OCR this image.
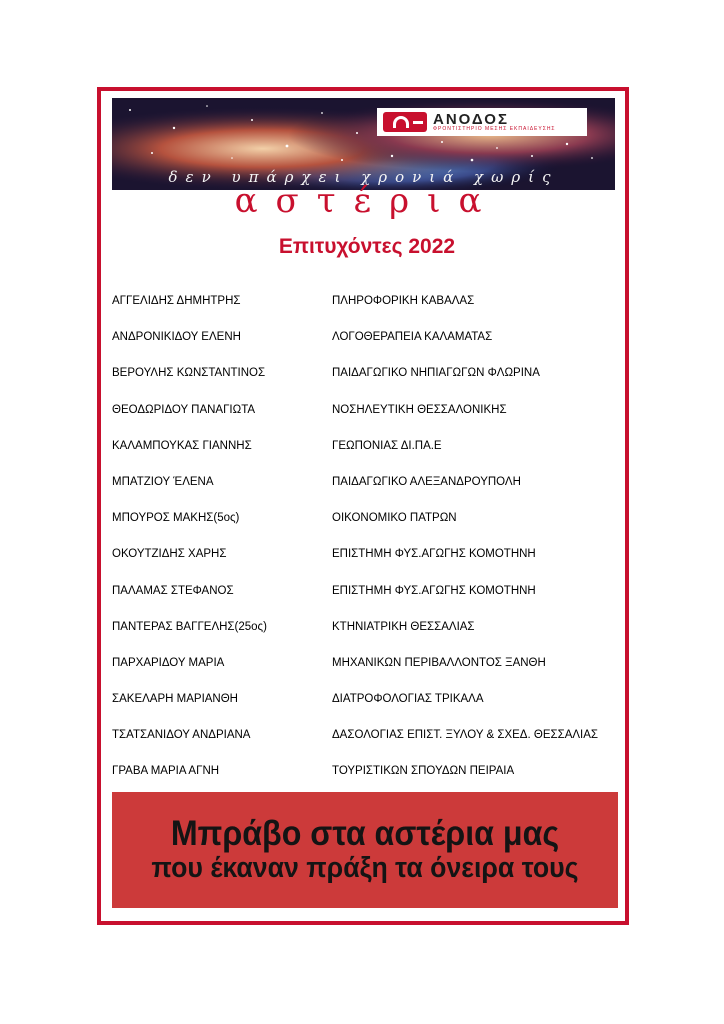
ΑΝΟΔΟΣ
ΦΡΟΝΤΙΣΤΗΡΙΟ ΜΕΣΗΣ ΕΚΠΑΙΔΕΥΣΗΣ
δεν υπάρχει χρονιά χωρίς
αστέρια
Επιτυχόντες 2022
ΑΓΓΕΛΙΔΗΣ ΔΗΜΗΤΡΗΣ	ΠΛΗΡΟΦΟΡΙΚΗ ΚΑΒΑΛΑΣ
ΑΝΔΡΟΝΙΚΙΔΟΥ ΕΛΕΝΗ	ΛΟΓΟΘΕΡΑΠΕΙΑ ΚΑΛΑΜΑΤΑΣ
ΒΕΡΟΥΛΗΣ ΚΩΝΣΤΑΝΤΙΝΟΣ	ΠΑΙΔΑΓΩΓΙΚΟ ΝΗΠΙΑΓΩΓΩΝ ΦΛΩΡΙΝΑ
ΘΕΟΔΩΡΙΔΟΥ ΠΑΝΑΓΙΩΤΑ	ΝΟΣΗΛΕΥΤΙΚΗ ΘΕΣΣΑΛΟΝΙΚΗΣ
ΚΑΛΑΜΠΟΥΚΑΣ ΓΙΑΝΝΗΣ	ΓΕΩΠΟΝΙΑΣ ΔΙ.ΠΑ.Ε
ΜΠΑΤΖΙΟΥ ΈΛΕΝΑ	ΠΑΙΔΑΓΩΓΙΚΟ ΑΛΕΞΑΝΔΡΟΥΠΟΛΗ
ΜΠΟΥΡΟΣ ΜΑΚΗΣ(5ος)	ΟΙΚΟΝΟΜΙΚΟ ΠΑΤΡΩΝ
ΟΚΟΥΤΖΙΔΗΣ ΧΑΡΗΣ	ΕΠΙΣΤΗΜΗ ΦΥΣ.ΑΓΩΓΗΣ ΚΟΜΟΤΗΝΗ
ΠΑΛΑΜΑΣ ΣΤΕΦΑΝΟΣ	ΕΠΙΣΤΗΜΗ ΦΥΣ.ΑΓΩΓΗΣ ΚΟΜΟΤΗΝΗ
ΠΑΝΤΕΡΑΣ ΒΑΓΓΕΛΗΣ(25ος)	ΚΤΗΝΙΑΤΡΙΚΗ ΘΕΣΣΑΛΙΑΣ
ΠΑΡΧΑΡΙΔΟΥ ΜΑΡΙΑ	ΜΗΧΑΝΙΚΩΝ ΠΕΡΙΒΑΛΛΟΝΤΟΣ ΞΑΝΘΗ
ΣΑΚΕΛΑΡΗ ΜΑΡΙΑΝΘΗ	ΔΙΑΤΡΟΦΟΛΟΓΙΑΣ ΤΡΙΚΑΛΑ
ΤΣΑΤΣΑΝΙΔΟΥ ΑΝΔΡΙΑΝΑ	ΔΑΣΟΛΟΓΙΑΣ ΕΠΙΣΤ. ΞΥΛΟΥ & ΣΧΕΔ. ΘΕΣΣΑΛΙΑΣ
ΓΡΑΒΑ ΜΑΡΙΑ ΑΓΝΗ	ΤΟΥΡΙΣΤΙΚΩΝ ΣΠΟΥΔΩΝ ΠΕΙΡΑΙΑ
Μπράβο στα αστέρια μας
που έκαναν πράξη τα όνειρα τους
